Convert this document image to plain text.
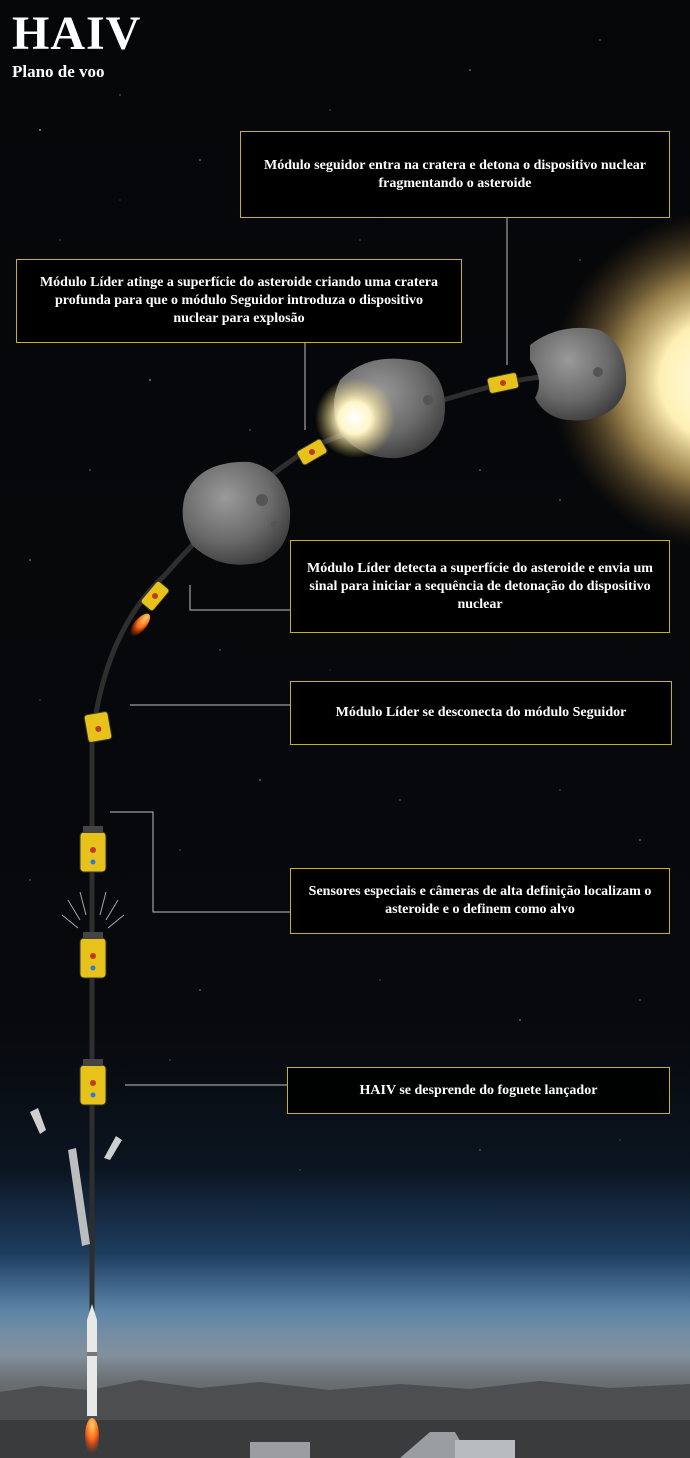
HAIV
Plano de voo
Módulo seguidor entra na cratera e detona o dispositivo nuclear fragmentando o asteroide
Módulo Líder atinge a superfície do asteroide criando uma cratera profunda para que o módulo Seguidor introduza o dispositivo nuclear para explosão
Módulo Líder detecta a superfície do asteroide e envia um sinal para iniciar a sequência de detonação do dispositivo nuclear
Módulo Líder se desconecta do módulo Seguidor
Sensores especiais e câmeras de alta definição localizam o asteroide e o definem como alvo
HAIV se desprende do foguete lançador
